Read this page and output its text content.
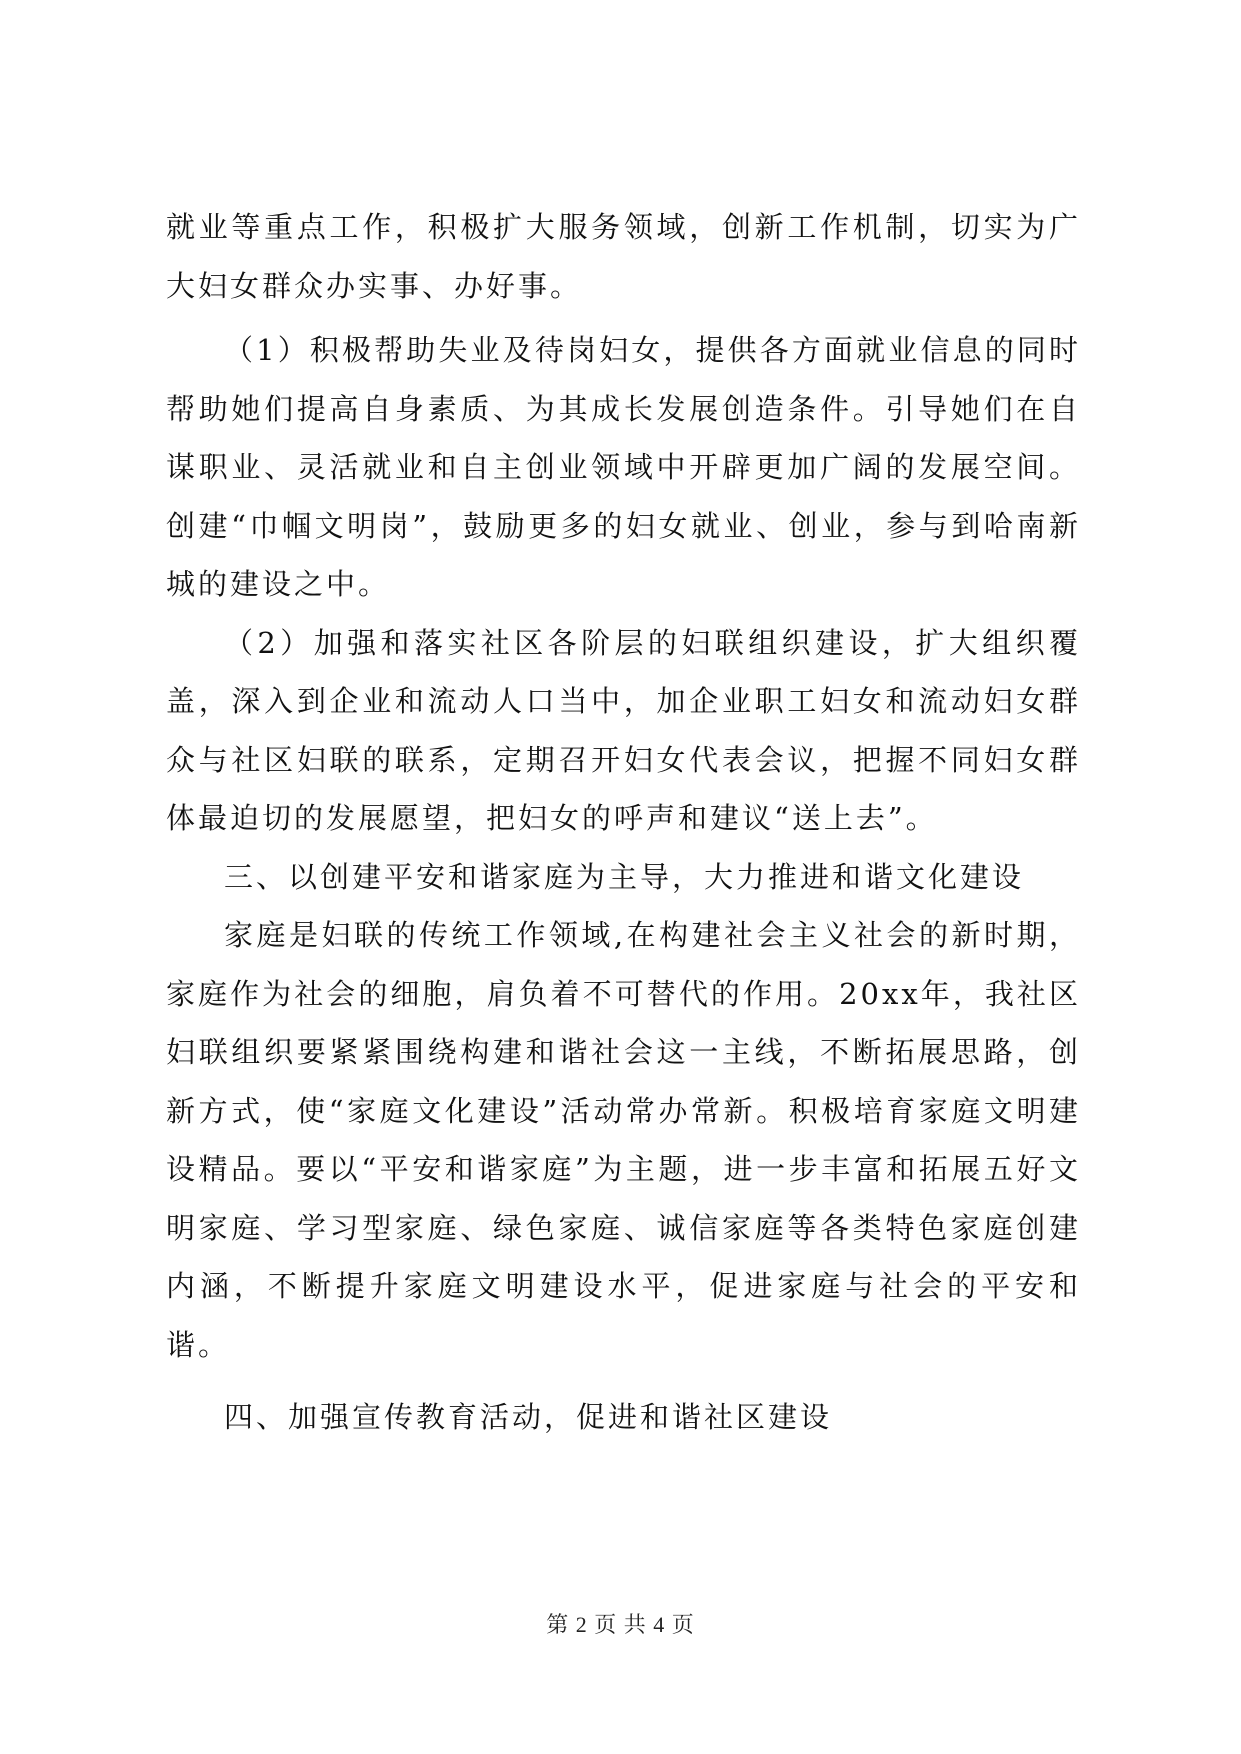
就业等重点工作，积极扩大服务领域，创新工作机制，切实为广大妇女群众办实事、办好事。

（1）积极帮助失业及待岗妇女，提供各方面就业信息的同时帮助她们提高自身素质、为其成长发展创造条件。引导她们在自谋职业、灵活就业和自主创业领域中开辟更加广阔的发展空间。创建“巾帼文明岗”，鼓励更多的妇女就业、创业，参与到哈南新城的建设之中。

（2）加强和落实社区各阶层的妇联组织建设，扩大组织覆盖，深入到企业和流动人口当中，加企业职工妇女和流动妇女群众与社区妇联的联系，定期召开妇女代表会议，把握不同妇女群体最迫切的发展愿望，把妇女的呼声和建议“送上去”。

三、以创建平安和谐家庭为主导，大力推进和谐文化建设

家庭是妇联的传统工作领域,在构建社会主义社会的新时期，家庭作为社会的细胞，肩负着不可替代的作用。20xx年，我社区妇联组织要紧紧围绕构建和谐社会这一主线，不断拓展思路，创新方式，使“家庭文化建设”活动常办常新。积极培育家庭文明建设精品。要以“平安和谐家庭”为主题，进一步丰富和拓展五好文明家庭、学习型家庭、绿色家庭、诚信家庭等各类特色家庭创建内涵，不断提升家庭文明建设水平，促进家庭与社会的平安和谐。

四、加强宣传教育活动，促进和谐社区建设

第 2 页 共 4 页
